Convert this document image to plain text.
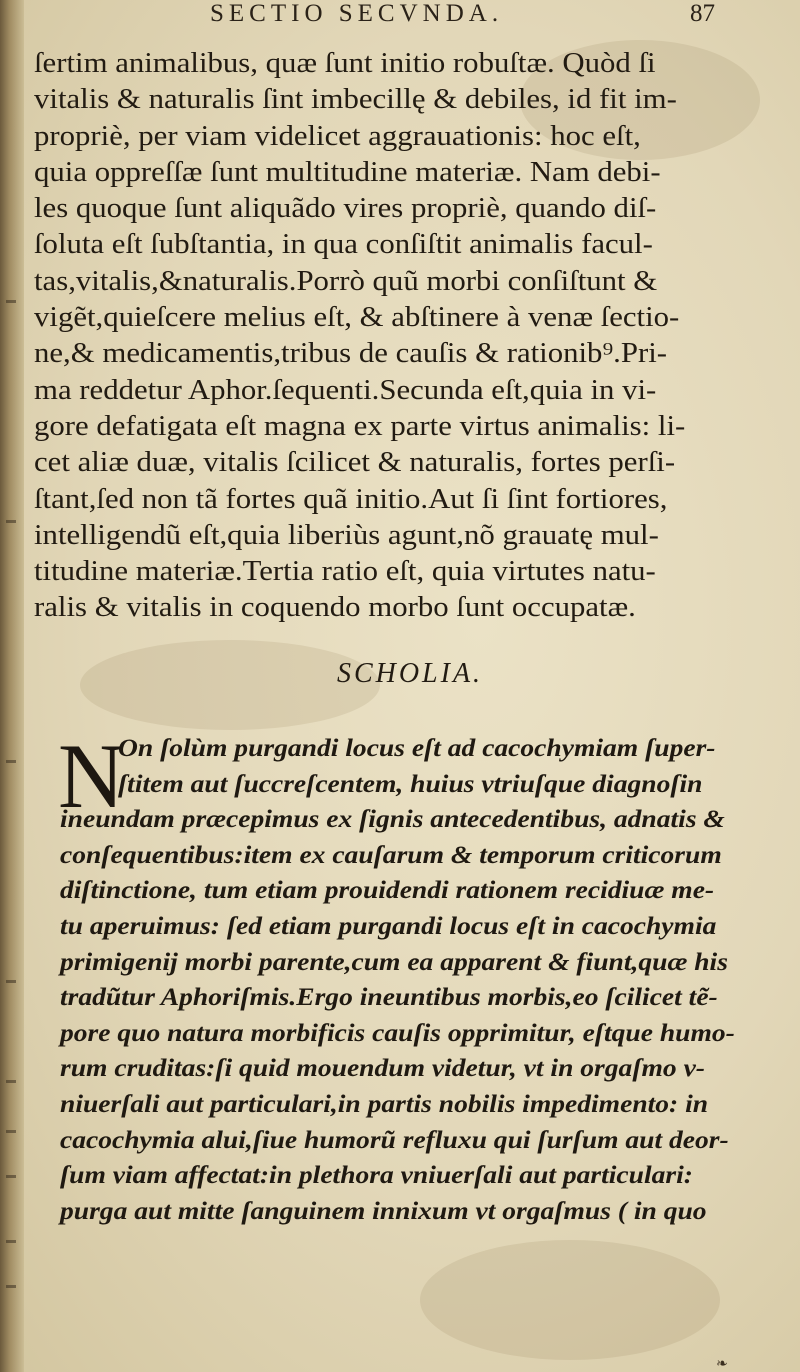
SECTIO SECVNDA.	87
ſertim animalibus, quæ ſunt initio robuſtæ. Quòd ſi
vitalis & naturalis ſint imbecillę & debiles, id fit im-
propriè, per viam videlicet aggrauationis: hoc eſt,
quia oppreſſæ ſunt multitudine materiæ. Nam debi-
les quoque ſunt aliquãdo vires propriè, quando diſ-
ſoluta eſt ſubſtantia, in qua conſiſtit animalis facul-
tas,vitalis,&naturalis.Porrò quũ morbi conſiſtunt &
vigẽt,quieſcere melius eſt, & abſtinere à venæ ſectio-
ne,& medicamentis,tribus de cauſis & rationib⁹.Pri-
ma reddetur Aphor.ſequenti.Secunda eſt,quia in vi-
gore defatigata eſt magna ex parte virtus animalis: li-
cet aliæ duæ, vitalis ſcilicet & naturalis, fortes perſi-
ſtant,ſed non tã fortes quã initio.Aut ſi ſint fortiores,
intelligendũ eſt,quia liberiùs agunt,nõ grauatę mul-
titudine materiæ.Tertia ratio eſt, quia virtutes natu-
ralis & vitalis in coquendo morbo ſunt occupatæ.
SCHOLIA.
N
On ſolùm purgandi locus eſt ad cacochymiam ſuper-
ſtitem aut ſuccreſcentem, huius vtriuſque diagnoſin
ineundam præcepimus ex ſignis antecedentibus, adnatis &
conſequentibus:item ex cauſarum & temporum criticorum
diſtinctione, tum etiam prouidendi rationem recidiuæ me-
tu aperuimus: ſed etiam purgandi locus eſt in cacochymia
primigenij morbi parente,cum ea apparent & fiunt,quæ his
tradũtur Aphoriſmis.Ergo ineuntibus morbis,eo ſcilicet tẽ-
pore quo natura morbificis cauſis opprimitur, eſtque humo-
rum cruditas:ſi quid mouendum videtur, vt in orgaſmo v-
niuerſali aut particulari,in partis nobilis impedimento: in
cacochymia alui,ſiue humorũ refluxu qui ſurſum aut deor-
ſum viam affectat:in plethora vniuerſali aut particulari:
purga aut mitte ſanguinem innixum vt orgaſmus ( in quo
❧
